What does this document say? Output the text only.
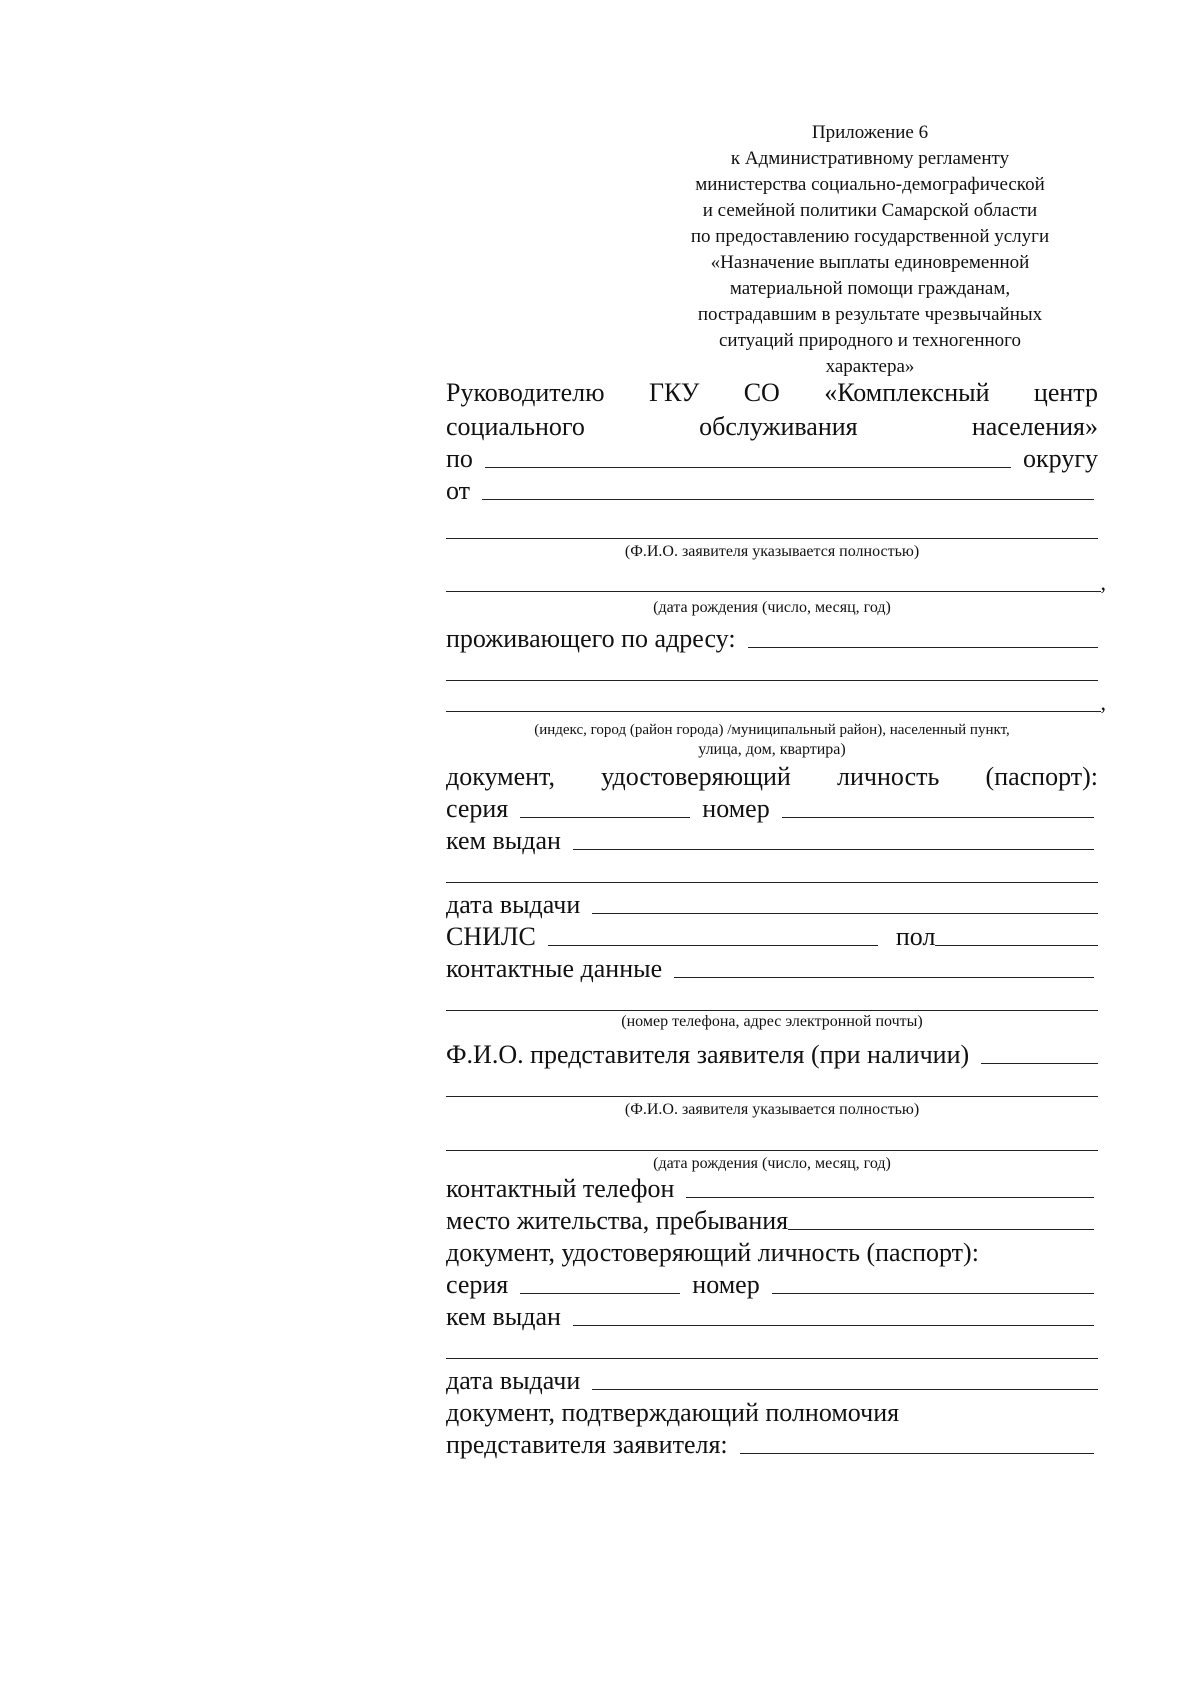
Приложение 6
к Административному регламенту
министерства социально-демографической
и семейной политики Самарской области
по предоставлению государственной услуги
«Назначение выплаты единовременной
материальной помощи гражданам,
пострадавшим в результате чрезвычайных
ситуаций природного и техногенного
характера»
Руководителю ГКУ СО «Комплексный центр
социального	обслуживания	населения»
по	округу
от
(Ф.И.О. заявителя указывается полностью)
,
(дата рождения (число, месяц, год)
проживающего по адресу:
,
(индекс, город (район города) /муниципальный район), населенный пункт,
улица, дом, квартира)
документ, удостоверяющий личность (паспорт):
серия	номер
кем выдан
дата выдачи
СНИЛС	пол
контактные данные
(номер телефона, адрес электронной почты)
Ф.И.О. представителя заявителя (при наличии)
(Ф.И.О. заявителя указывается полностью)
(дата рождения (число, месяц, год)
контактный телефон
место жительства, пребывания
документ, удостоверяющий личность (паспорт):
серия	номер
кем выдан
дата выдачи
документ, подтверждающий полномочия
представителя заявителя:
